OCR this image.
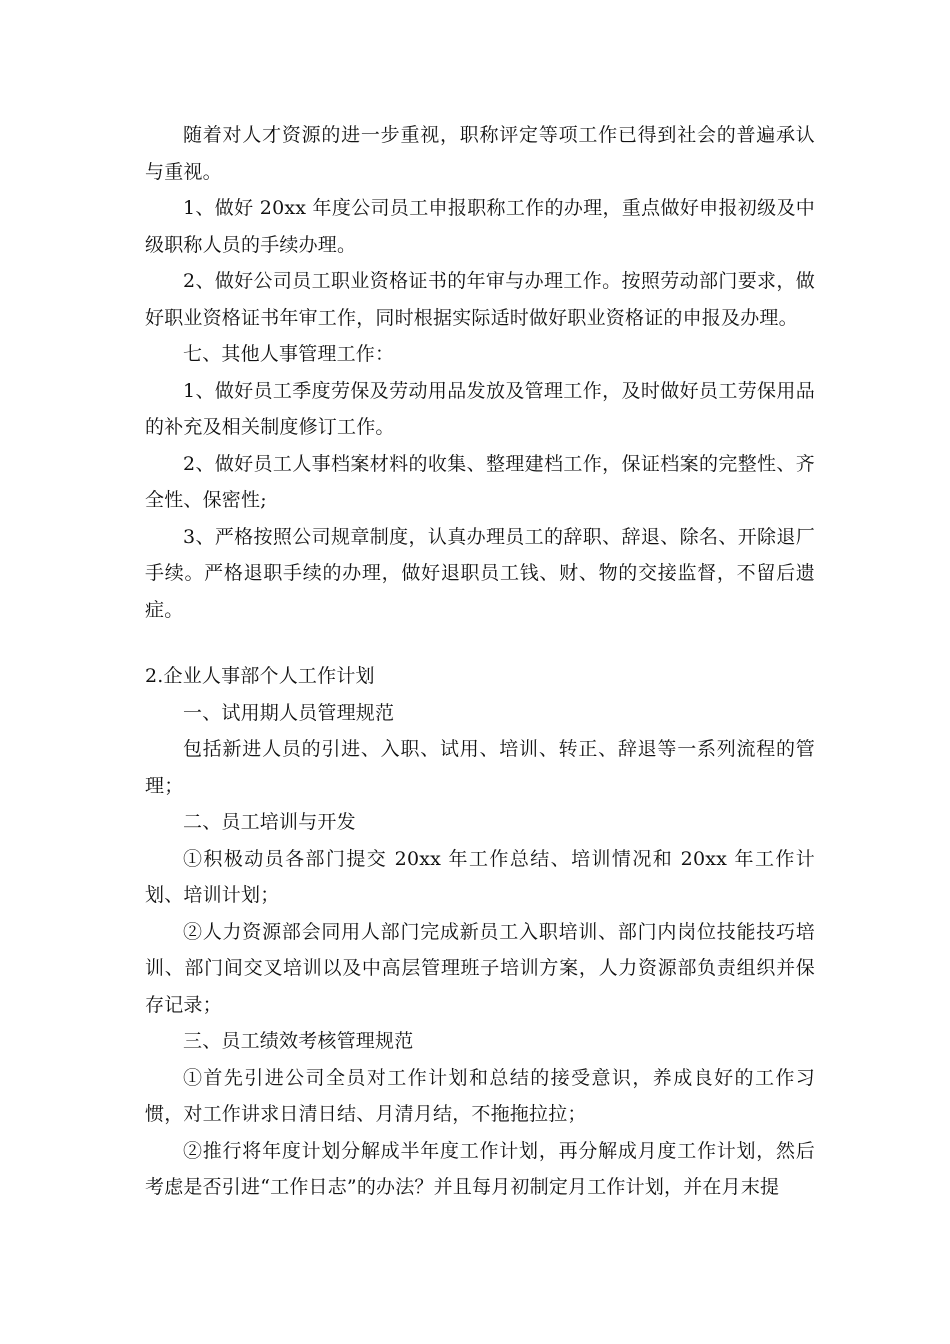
随着对人才资源的进一步重视，职称评定等项工作已得到社会的普遍承认与重视。

1、做好 20xx 年度公司员工申报职称工作的办理，重点做好申报初级及中级职称人员的手续办理。

2、做好公司员工职业资格证书的年审与办理工作。按照劳动部门要求，做好职业资格证书年审工作，同时根据实际适时做好职业资格证的申报及办理。

七、其他人事管理工作：

1、做好员工季度劳保及劳动用品发放及管理工作，及时做好员工劳保用品的补充及相关制度修订工作。

2、做好员工人事档案材料的收集、整理建档工作，保证档案的完整性、齐全性、保密性;

3、严格按照公司规章制度，认真办理员工的辞职、辞退、除名、开除退厂手续。严格退职手续的办理，做好退职员工钱、财、物的交接监督，不留后遗症。

2.企业人事部个人工作计划

一、试用期人员管理规范

包括新进人员的引进、入职、试用、培训、转正、辞退等一系列流程的管理；

二、员工培训与开发

①积极动员各部门提交 20xx 年工作总结、培训情况和 20xx 年工作计划、培训计划；

②人力资源部会同用人部门完成新员工入职培训、部门内岗位技能技巧培训、部门间交叉培训以及中高层管理班子培训方案，人力资源部负责组织并保存记录；

三、员工绩效考核管理规范

①首先引进公司全员对工作计划和总结的接受意识，养成良好的工作习惯，对工作讲求日清日结、月清月结，不拖拖拉拉；

②推行将年度计划分解成半年度工作计划，再分解成月度工作计划，然后考虑是否引进“工作日志”的办法？并且每月初制定月工作计划，并在月末提
